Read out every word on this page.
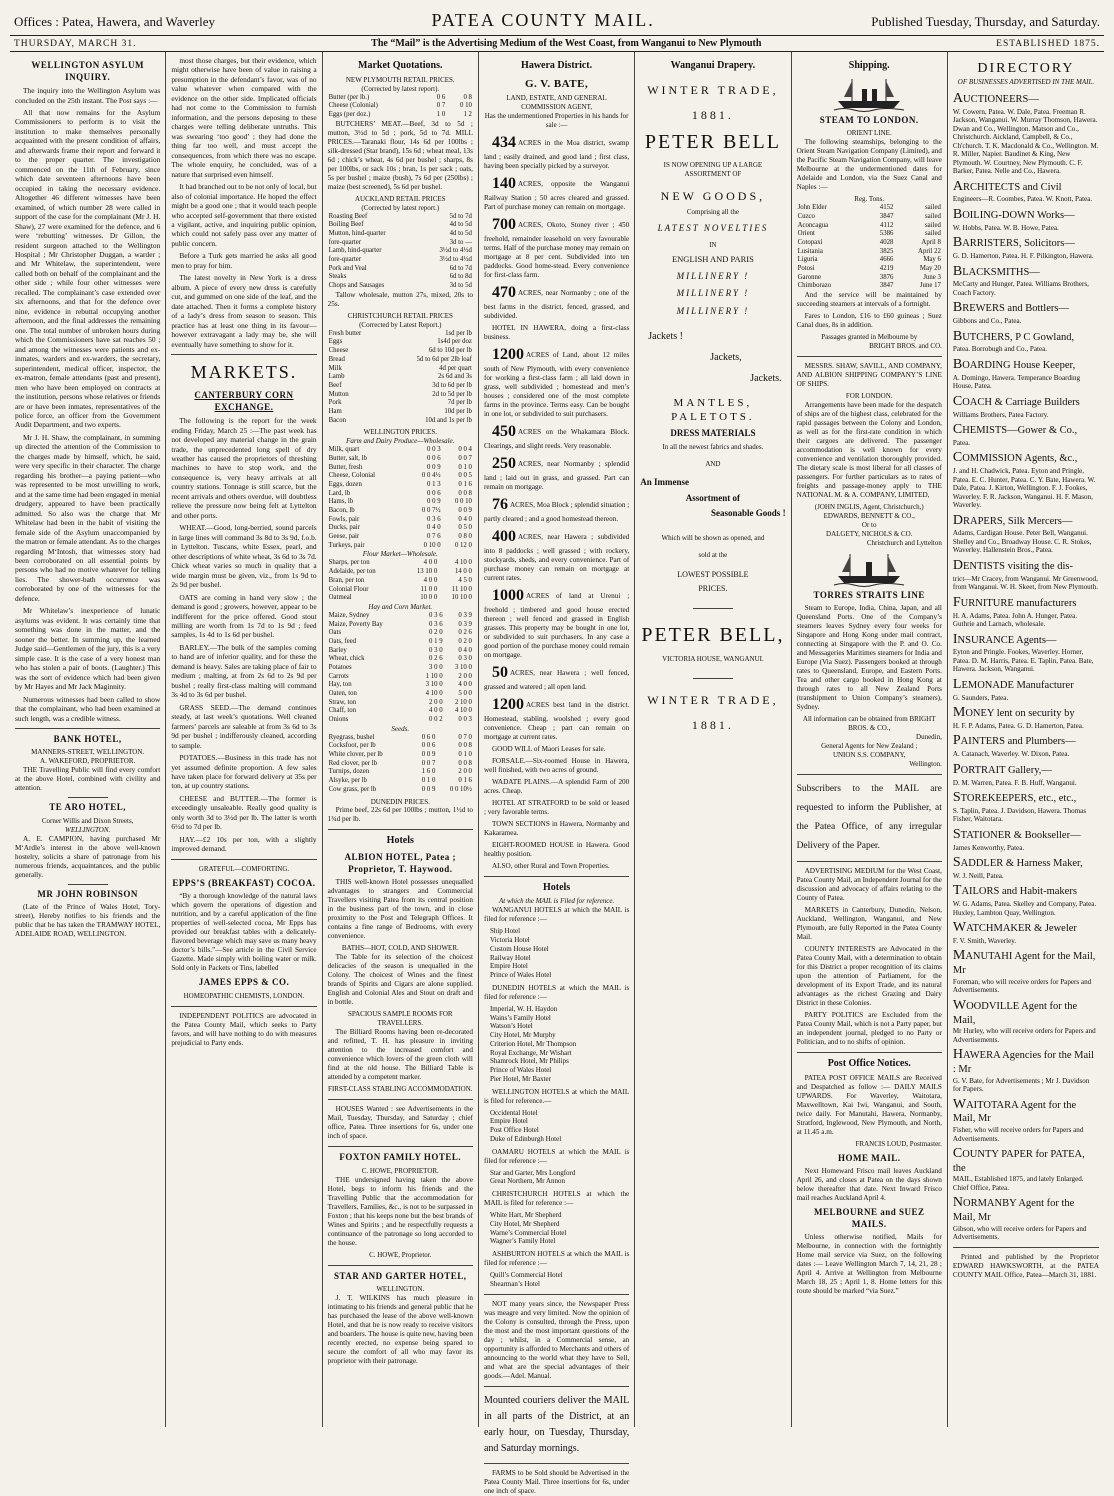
Offices : Patea, Hawera, and Waverley	PATEA COUNTY MAIL.	Published Tuesday, Thursday, and Saturday.
THURSDAY, MARCH 31.	The “Mail” is the Advertising Medium of the West Coast, from Wanganui to New Plymouth	ESTABLISHED 1875.
WELLINGTON ASYLUM INQUIRY.

The inquiry into the Wellington Asylum was concluded on the 25th instant. The Post says :—

All that now remains for the Asylum Commissioners to perform is to visit the institution to make themselves personally acquainted with the present condition of affairs, and afterwards frame their report and forward it to the proper quarter. The investigation commenced on the 11th of February, since which date seventeen afternoons have been occupied in taking the necessary evidence. Altogether 46 different witnesses have been examined, of which number 28 were called in support of the case for the complainant (Mr J. H. Shaw), 27 were examined for the defence, and 6 were ‘rebutting’ witnesses. Dr Gillon, the resident surgeon attached to the Wellington Hospital ; Mr Christopher Duggan, a warder ; and Mr Whitelaw, the superintendent, were called both on behalf of the complainant and the other side ; while four other witnesses were recalled. The complainant’s case extended over six afternoons, and that for the defence over nine, evidence in rebuttal occupying another afternoon, and the final addresses the remaining one. The total number of unbroken hours during which the Commissioners have sat reaches 50 ; and among the witnesses were patients and ex-inmates, warders and ex-warders, the secretary, superintendent, medical officer, inspector, the ex-matron, female attendants (past and present), men who have been employed on contracts at the institution, persons whose relatives or friends are or have been inmates, representatives of the police force, an officer from the Government Audit Department, and two experts.

Mr J. H. Shaw, the complainant, in summing up directed the attention of the Commission to the charges made by himself, which, he said, were very specific in their character. The charge regarding his brother—a paying patient—who was represented to be most unwilling to work, and at the same time had been engaged in menial drudgery, appeared to have been practically admitted. So also was the charge that Mr Whitelaw had been in the habit of visiting the female side of the Asylum unaccompanied by the matron or female attendant. As to the charges regarding M‘Intosh, that witnesses story had been corroborated on all essential points by persons who had no motive whatever for telling lies. The shower-bath occurrence was corroborated by one of the witnesses for the defence.

Mr Whitelaw’s inexperience of lunatic asylums was evident. It was certainly time that something was done in the matter, and the sooner the better. In summing up, the learned Judge said—Gentlemen of the jury, this is a very simple case. It is the case of a very honest man who has stolen a pair of boots. (Laughter.) This was the sort of evidence which had been given by Mr Hayes and Mr Jack Maginnity.

Numerous witnesses had been called to show that the complainant, who had been examined at such length, was a credible witness.

BANK HOTEL,
MANNERS-STREET, WELLINGTON.
A. WAKEFORD, PROPRIETOR.

THE Travelling Public will find every comfort at the above Hotel, combined with civility and attention.

TE ARO HOTEL,
Corner Willis and Dixon Streets,
WELLINGTON.

A. E. CAMPION, having purchased Mr M‘Ardle’s interest in the above well-known hostelry, solicits a share of patronage from his numerous friends, acquaintances, and the public generally.

MR JOHN ROBINSON

(Late of the Prince of Wales Hotel, Tory-street), Hereby notifies to his friends and the public that he has taken the TRAMWAY HOTEL, ADELAIDE ROAD, WELLINGTON.

most those charges, but their evidence, which might otherwise have been of value in raising a presumption in the defendant’s favor, was of no value whatever when compared with the evidence on the other side. Implicated officials had not come to the Commission to furnish information, and the persons deposing to these charges were telling deliberate untruths. This was swearing ‘too good’ ; they had done the thing far too well, and must accept the consequences, from which there was no escape. The whole enquiry, he concluded, was of a nature that surprised even himself.

It had branched out to be not only of local, but also of colonial importance. He hoped the effect might be a good one ; that it would teach people who accepted self-government that there existed a vigilant, active, and inquiring public opinion, which could not safely pass over any matter of public concern.

Before a Turk gets married he asks all good men to pray for him.

The latest novelty in New York is a dress album. A piece of every new dress is carefully cut, and gummed on one side of the leaf, and the date attached. Then it forms a complete history of a lady’s dress from season to season. This practice has at least one thing in its favour—however extravagant a lady may be, she will eventually have something to show for it.

MARKETS.
CANTERBURY CORN EXCHANGE.

The following is the report for the week ending Friday, March 25 :—The past week has not developed any material change in the grain trade, the unprecedented long spell of dry weather has caused the proprietors of threshing machines to have to stop work, and the consequence is, very heavy arrivals at all country stations. Tonnage is still scarce, but the recent arrivals and others overdue, will doubtless relieve the pressure now being felt at Lyttelton and other ports.

WHEAT.—Good, long-berried, sound parcels in large lines will command 3s 8d to 3s 9d, f.o.b. in Lyttelton. Tuscans, white Essex, pearl, and other descriptions of white wheat, 3s 6d to 3s 7d. Chick wheat varies so much in quality that a wide margin must be given, viz., from 1s 9d to 2s 9d per bushel.

OATS are coming in hand very slow ; the demand is good ; growers, however, appear to be indifferent for the price offered. Good stout milling are worth from 1s 7d to 1s 9d ; feed samples, 1s 4d to 1s 6d per bushel.

BARLEY.—The bulk of the samples coming to hand are of inferior quality, and for these the demand is heavy. Sales are taking place of fair to medium ; malting, at from 2s 6d to 2s 9d per bushel ; really first-class malting will command 3s 4d to 3s 6d per bushel.

GRASS SEED.—The demand continues steady, at last week’s quotations. Well cleaned farmers’ parcels are saleable at from 3s 6d to 3s 9d per bushel ; indifferously cleaned, according to sample.

POTATOES.—Business in this trade has not yet assumed definite proportion. A few sales have taken place for forward delivery at 35s per ton, at up country stations.

CHEESE and BUTTER.—The former is exceedingly unsaleable. Really good quality is only worth 3d to 3½d per lb. The latter is worth 6½d to 7d per lb.

HAY.—£2 10s per ton, with a slightly improved demand.

GRATEFUL—COMFORTING.
EPPS’S (BREAKFAST) COCOA.

“By a thorough knowledge of the natural laws which govern the operations of digestion and nutrition, and by a careful application of the fine properties of well-selected cocoa, Mr Epps has provided our breakfast tables with a delicately-flavored beverage which may save us many heavy doctor’s bills.”—See article in the Civil Service Gazette. Made simply with boiling water or milk. Sold only in Packets or Tins, labelled

JAMES EPPS & CO.
HOMEOPATHIC CHEMISTS, LONDON.

INDEPENDENT POLITICS are advocated in the Patea County Mail, which seeks to Party favors, and will have nothing to do with measures prejudicial to Party ends.

Market Quotations.
NEW PLYMOUTH RETAIL PRICES.
(Corrected by latest report).
Butter (per lb.)	0 6	0 8
Cheese (Colonial)	0 7	0 10
Eggs (per doz.)	1 0	1 2

BUTCHERS’ MEAT.—Beef, 3d to 5d ; mutton, 3½d to 5d ; pork, 5d to 7d. MILL PRICES.—Taranaki flour, 14s 6d per 100lbs ; silk-dressed (Star brand), 15s 6d ; wheat meal, 13s 6d ; chick’s wheat, 4s 6d per bushel ; sharps, 8s per 100lbs, or sack 10s ; bran, 1s per sack ; oats, 5s per bushel ; maize (bush), 7s 6d per (250lbs) ; maize (best screened), 5s 6d per bushel.

AUCKLAND RETAIL PRICES
(Corrected by latest report.)
Roasting Beef	5d to 7d
Boiling Beef	4d to 5d
Mutton, hind-quarter	4d to 5d
fore-quarter	3d to —
Lamb, hind-quarter	3½d to 4½d
fore-quarter	3½d to 4½d
Pork and Veal	6d to 7d
Steaks	6d to 8d
Chops and Sausages	3d to 5d

Tallow wholesale, mutton 27s, mixed, 20s to 25s.

CHRISTCHURCH RETAIL PRICES
(Corrected by Latest Report.)
Fresh butter	1sd per lb
Eggs	1s4d per doz
Cheese	6d to 10d per lb
Bread	5d to 6d per 2lb loaf
Milk	4d per quart
Lamb	2s 6d and 3s
Beef	3d to 6d per lb
Mutton	2d to 5d per lb
Pork	7d per lb
Ham	10d per lb
Bacon	10d and 1s per lb
WELLINGTON PRICES.
Farm and Dairy Produce—Wholesale.
Milk, quart	0 0 3	0 0 4
Butter, salt, lb	0 0 6	0 0 7
Butter, fresh	0 0 9	0 1 0
Cheese, Colonial	0 0 4½	0 0 5
Eggs, dozen	0 1 3	0 1 6
Lard, lb	0 0 6	0 0 8
Hams, lb	0 0 9	0 0 10
Bacon, lb	0 0 7½	0 0 9
Fowls, pair	0 3 6	0 4 0
Ducks, pair	0 4 0	0 5 0
Geese, pair	0 7 6	0 8 0
Turkeys, pair	0 10 0	0 12 0
Flour Market—Wholesale.
Sharps, per ton	4 0 0	4 10 0
Adelaide, per ton	13 10 0	14 0 0
Bran, per ton	4 0 0	4 5 0
Colonial Flour	11 0 0	11 10 0
Oatmeal	10 0 0	10 10 0
Hay and Corn Market.
Maize, Sydney	0 3 6	0 3 9
Maize, Poverty Bay	0 3 6	0 3 9
Oats	0 2 0	0 2 6
Oats, feed	0 1 9	0 2 0
Barley	0 3 0	0 4 0
Wheat, chick	0 2 6	0 3 0
Potatoes	3 0 0	3 10 0
Carrots	1 10 0	2 0 0
Hay, ton	3 10 0	4 0 0
Oaten, ton	4 10 0	5 0 0
Straw, ton	2 0 0	2 10 0
Chaff, ton	4 0 0	4 10 0
Onions	0 0 2	0 0 3
Seeds.
Ryegrass, bushel	0 6 0	0 7 0
Cocksfoot, per lb	0 0 6	0 0 8
White clover, per lb	0 0 9	0 1 0
Red clover, per lb	0 0 7	0 0 8
Turnips, dozen	1 6 0	2 0 0
Alsyke, per lb	0 1 0	0 1 6
Cow grass, per lb	0 0 9	0 0 10½
DUNEDIN PRICES.

Prime beef, 22s 6d per 100lbs ; mutton, 1½d to 1¾d per lb.

Hotels
ALBION HOTEL, Patea ; Proprietor, T. Haywood.

THIS well-known Hotel possesses unequalled advantages to strangers and Commercial Travellers visiting Patea from its central position in the business part of the town, and in close proximity to the Post and Telegraph Offices. It contains a fine range of Bedrooms, with every convenience.

BATHS—HOT, COLD, AND SHOWER.

The Table for its selection of the choicest delicacies of the season is unequalled in the Colony. The choicest of Wines and the finest brands of Spirits and Cigars are alone supplied. English and Colonial Ales and Stout on draft and in bottle.

SPACIOUS SAMPLE ROOMS FOR TRAVELLERS.

The Billiard Rooms having been re-decorated and refitted, T. H. has pleasure in inviting attention to the increased comfort and convenience which lovers of the green cloth will find at the old house. The Billiard Table is attended by a competent marker.

FIRST-CLASS STABLING ACCOMMODATION.

HOUSES Wanted : see Advertisements in the Mail, Tuesday, Thursday, and Saturday ; chief office, Patea. Three insertions for 6s, under one inch of space.

FOXTON FAMILY HOTEL.
C. HOWE, PROPRIETOR.

THE undersigned having taken the above Hotel, begs to inform his friends and the Travelling Public that the accommodation for Travellers, Families, &c., is not to be surpassed in Foxton ; that his keeps none but the best brands of Wines and Spirits ; and he respectfully requests a continuance of the patronage so long accorded to the house.

C. HOWE, Proprietor.
STAR AND GARTER HOTEL,
WELLINGTON.

J. T. WILKINS has much pleasure in intimating to his friends and general public that he has purchased the lease of the above well-known Hotel, and that he is now ready to receive visitors and boarders. The house is quite new, having been recently erected, no expense being spared to secure the comfort of all who may favor its proprietor with their patronage.

Hawera District.
G. V. BATE,
LAND, ESTATE, AND GENERAL COMMISSION AGENT,
Has the undermentioned Properties in his hands for sale :—

434 ACRES in the Moa district, swamp land ; easily drained, and good land ; first class, having been specially picked by a surveyor.

140 ACRES, opposite the Wanganui Railway Station ; 50 acres cleared and grassed. Part of purchase money can remain on mortgage.

700 ACRES, Okoto, Stoney river ; 450 freehold, remainder leasehold on very favourable terms. Half of the purchase money may remain on mortgage at 8 per cent. Subdivided into ten paddocks. Good home-stead. Every convenience for first-class farm.

470 ACRES, near Normanby ; one of the best farms in the district, fenced, grassed, and subdivided.

HOTEL IN HAWERA, doing a first-class business.

1200 ACRES of Land, about 12 miles south of New Plymouth, with every convenience for working a first-class farm ; all laid down in grass, well subdivided ; homestead and men’s houses ; considered one of the most complete farms in the province. Terms easy. Can be bought in one lot, or subdivided to suit purchasers.

450 ACRES on the Whakamara Block. Clearings, and slight reeds. Very reasonable.

250 ACRES, near Normanby ; splendid land ; laid out in grass, and grassed. Part can remain on mortgage.

76 ACRES, Moa Block ; splendid situation ; partly cleared ; and a good homestead thereon.

400 ACRES, near Hawera ; subdivided into 8 paddocks ; well grassed ; with rockery, stockyards, sheds, and every convenience. Part of purchase money can remain on mortgage at current rates.

1000 ACRES of land at Urenui ; freehold ; timbered and good house erected thereon ; well fenced and grassed in English grasses. This property may be bought in one lot, or subdivided to suit purchasers. In any case a good portion of the purchase money could remain on mortgage.

50 ACRES, near Hawera ; well fenced, grassed and watered ; all open land.

1200 ACRES best land in the district. Homestead, stabling, woolshed ; every good convenience. Cheap ; part can remain on mortgage at current rates.

GOOD WILL of Maori Leases for sale.

FORSALE.—Six-roomed House in Hawera, well finished, with two acres of ground.

WADATE PLAINS.—A splendid Farm of 200 acres. Cheap.

HOTEL AT STRATFORD to be sold or leased ; very favorable terms.

TOWN SECTIONS in Hawera, Normanby and Kakaramea.

EIGHT-ROOMED HOUSE in Hawera. Good healthy position.

ALSO, other Rural and Town Properties.

Hotels
At which the MAIL is Filed for reference.

WANGANUI HOTELS at which the MAIL is filed for reference :—

Ship Hotel
Victoria Hotel
Custom House Hotel
Railway Hotel
Empire Hotel
Prince of Wales Hotel

DUNEDIN HOTELS at which the MAIL is filed for reference :—

Imperial, W. H. Haydon
Wains’s Family Hotel
Watson’s Hotel
City Hotel, Mr Murphy
Criterion Hotel, Mr Thompson
Royal Exchange, Mr Wishart
Shamrock Hotel, Mr Philips
Prince of Wales Hotel
Pier Hotel, Mr Baxter

WELLINGTON HOTELS at which the MAIL is filed for reference.—

Occidental Hotel
Empire Hotel
Post Office Hotel
Duke of Edinburgh Hotel

OAMARU HOTELS at which the MAIL is filed for reference :—

Star and Garter, Mrs Longford
Great Northern, Mr Annon

CHRISTCHURCH HOTELS at which the MAIL is filed for reference :—

White Hart, Mr Shepherd
City Hotel, Mr Shepherd
Warne’s Commercial Hotel
Wagner’s Family Hotel

ASHBURTON HOTELS at which the MAIL is filed for reference :—

Quill’s Commercial Hotel
Shearman’s Hotel

NOT many years since, the Newspaper Press was meagre and very limited. Now the opinion of the Colony is consulted, through the Press, upon the most and the most important questions of the day ; whilst, in a Commercial sense, an opportunity is afforded to Merchants and others of announcing to the world what they have to Sell, and what are the special advantages of their goods.—Adel. Manual.

Mounted couriers deliver the MAIL in all parts of the District, at an early hour, on Tuesday, Thursday, and Saturday mornings.

FARMS to be Sold should be Advertised in the Patea County Mail. Three insertions for 6s, under one inch of space.

Wanganui Drapery.
WINTER TRADE,
1881.
PETER BELL
IS NOW OPENING UP A LARGE ASSORTMENT OF
NEW GOODS,
Comprising all the
LATEST NOVELTIES
IN
ENGLISH AND PARIS
MILLINERY !
MILLINERY !
MILLINERY !
Jackets !
Jackets,
Jackets.
MANTLES, PALETOTS.
DRESS MATERIALS
In all the newest fabrics and shades.
AND
An Immense
Assortment of
Seasonable Goods !
Which will be shown as opened, and
sold at the
LOWEST POSSIBLE
PRICES.
PETER BELL,
VICTORIA HOUSE, WANGANUI.
WINTER TRADE,
1881.
Shipping.
STEAM TO LONDON.
ORIENT LINE.

The following steamships, belonging to the Orient Steam Navigation Company (Limited), and the Pacific Steam Navigation Company, will leave Melbourne at the undermentioned dates for Adelaide and London, via the Suez Canal and Naples :—

Reg. Tons.
John Elder	4152	sailed
Cuzco	3847	sailed
Aconcagua	4112	sailed
Orient	5386	sailed
Cotopaxi	4028	April 8
Lusitania	3825	April 22
Liguria	4666	May 6
Potosi	4219	May 20
Garonne	3876	June 3
Chimborazo	3847	June 17

And the service will be maintained by succeeding steamers at intervals of a fortnight.

Fares to London, £16 to £60 guineas ; Suez Canal dues, 8s in addition.

Passages granted in Melbourne by
BRIGHT BROS. and CO.

MESSRS. SHAW, SAVILL, AND COMPANY, AND ALBION SHIPPING COMPANY’S LINE OF SHIPS.

FOR LONDON.

Arrangements have been made for the despatch of ships are of the highest class, celebrated for the rapid passages between the Colony and London, as well as for the first-rate condition in which their cargoes are delivered. The passenger accommodation is well known for every convenience and ventilation thoroughly provided. The dietary scale is most liberal for all classes of passengers. For further particulars as to rates of freights and passage-money apply to THE NATIONAL M. & A. COMPANY, LIMITED,

(JOHN INGLIS, Agent, Christchurch,)
EDWARDS, BENNETT & CO.,
Or to
DALGETY, NICHOLS & CO.
Christchurch and Lyttelton
TORRES STRAITS LINE

Steam to Europe, India, China, Japan, and all Queensland Ports. One of the Company’s steamers leaves Sydney every four weeks for Singapore and Hong Kong under mail contract, connecting at Singapore with the P. and O. Co. and Messageries Maritimes steamers for India and Europe (Via Suez). Passengers booked at through rates to Queensland, Europe, and Eastern Ports. Tea and other cargo booked in Hong Kong at through rates to all New Zealand Ports (transhipment to Union Company’s steamers), Sydney.

All information can be obtained from BRIGHT BROS. & CO.,
Dunedin,
General Agents for New Zealand ;
UNION S.S. COMPANY,
Wellington.

Subscribers to the MAIL are requested to inform the Publisher, at the Patea Office, of any irregular Delivery of the Paper.

ADVERTISING MEDIUM for the West Coast, Patea County Mail, an Independent Journal for the discussion and advocacy of affairs relating to the County of Patea.

MARKETS in Canterbury, Dunedin, Nelson, Auckland, Wellington, Wanganui, and New Plymouth, are fully Reported in the Patea County Mail.

COUNTY INTERESTS are Advocated in the Patea County Mail, with a determination to obtain for this District a proper recognition of its claims upon the attention of Parliament, for the development of its Export Trade, and its natural advantages as the richest Grazing and Dairy District in these Colonies.

PARTY POLITICS are Excluded from the Patea County Mail, which is not a Party paper, but an independent journal, pledged to no Party or Politician, and to no shifts of opinion.

Post Office Notices.

PATEA POST OFFICE MAILS are Received and Despatched as follow :— DAILY MAILS UPWARDS. For Waverley, Waitotara, Maxwelltown, Kai Iwi, Wanganui, and South, twice daily. For Manutahi, Hawera, Normanby, Stratford, Inglewood, New Plymouth, and North, at 11.45 a.m.

FRANCIS LOUD, Postmaster.
HOME MAIL.

Next Homeward Frisco mail leaves Auckland April 26, and closes at Patea on the days shown below thereafter that date. Next Inward Frisco mail reaches Auckland April 4.

MELBOURNE and SUEZ MAILS.

Unless otherwise notified, Mails for Melbourne, in connection with the fortnightly Home mail service via Suez, on the following dates :— Leave Wellington March 7, 14, 21, 28 ; April 4. Arrive at Wellington from Melbourne March 18, 25 ; April 1, 8. Home letters for this route should be marked “via Suez.”

DIRECTORY
OF BUSINESSES ADVERTISED IN THE MAIL.
AUCTIONEERS—
W. Cowern, Patea. W. Dale, Patea. Freeman R. Jackson, Wanganui. W. Murray Thomson, Hawera. Dwan and Co., Wellington. Matson and Co., Christchurch. Aickland, Campbell, & Co., Ch'church. T. K. Macdonald & Co., Wellington. M. R. Miller, Napier. Baudinet & King, New Plymouth. W. Courtney, New Plymouth. C. F. Barker, Patea. Nelle and Co., Hawera.
ARCHITECTS and Civil
Engineers—R. Coombes, Patea. W. Knott, Patea.
BOILING-DOWN Works—
W. Hobbs, Patea. W. B. Howe, Patea.
BARRISTERS, Solicitors—
G. D. Hamerton, Patea. H. F. Pilkington, Hawera.
BLACKSMITHS—
McCarty and Hunger, Patea. Williams Brothers, Coach Factory.
BREWERS and Bottlers—
Gibbons and Co., Patea.
BUTCHERS, P C Gowland,
Patea. Borrobugh and Co., Patea.
BOARDING House Keeper,
A. Domingo, Hawera. Temperance Boarding House, Patea.
COACH & Carriage Builders
Williams Brothers, Patea Factory.
CHEMISTS—Gower & Co.,
Patea.
COMMISSION Agents, &c.,
J. and H. Chadwick, Patea. Eyton and Pringle, Patea. E. C. Hunter, Patea. C. Y. Bate, Hawera. W. Dale, Patea. J. Kirton, Wellington. F. J. Fookes, Waverley. F. R. Jackson, Wanganui. H. F. Mason, Waverley.
DRAPERS, Silk Mercers—
Adams, Cardigan House. Peter Bell, Wanganui. Shelley and Co., Broadway House. C. R. Stokes, Waverley. Hallenstein Bros., Patea.
DENTISTS visiting the dis-
trict—Mr Cracey, from Wanganui. Mr Greenwood, from Wanganui. W. H. Skeet, from New Plymouth.
FURNITURE manufacturers
H. A. Adams, Patea. John A. Hunger, Patea. Guthrie and Larnach, wholesale.
INSURANCE Agents—
Eyton and Pringle. Fookes, Waverley. Horner, Patea. D. M. Harris, Patea. E. Taplin, Patea. Bate, Hawera. Jackson, Wanganui.
LEMONADE Manufacturer
G. Saunders, Patea.
MONEY lent on security by
H. F. P. Adams, Patea. G. D. Hamerton, Patea.
PAINTERS and Plumbers—
A. Catanach, Waverley. W. Dixon, Patea.
PORTRAIT Gallery,—
D. M. Warren, Patea. F. B. Huff, Wanganui.
STOREKEEPERS, etc., etc.,
S. Taplin, Patea. J. Davidson, Hawera. Thomas Fisher, Waitotara.
STATIONER & Bookseller—
James Kenworthy, Patea.
SADDLER & Harness Maker,
W. J. Neill, Patea.
TAILORS and Habit-makers
W. G. Adams, Patea. Skelley and Company, Patea. Huxley, Lambton Quay, Wellington.
WATCHMAKER & Jeweler
F. V. Smith, Waverley.
MANUTAHI Agent for the Mail, Mr
Foreman, who will receive orders for Papers and Advertisements.
WOODVILLE Agent for the Mail,
Mr Hurley, who will receive orders for Papers and Advertisements.
HAWERA Agencies for the Mail : Mr
G. V. Bate, for Advertisements ; Mr J. Davidson for Papers.
WAITOTARA Agent for the Mail, Mr
Fisher, who will receive orders for Papers and Advertisements.
COUNTY PAPER for PATEA, the
MAIL, Established 1875, and lately Enlarged. Chief Office, Patea.
NORMANBY Agent for the Mail, Mr
Gibson, who will receive orders for Papers and Advertisements.

Printed and published by the Proprietor EDWARD HAWKSWORTH, at the PATEA COUNTY MAIL Office, Patea—March 31, 1881.
